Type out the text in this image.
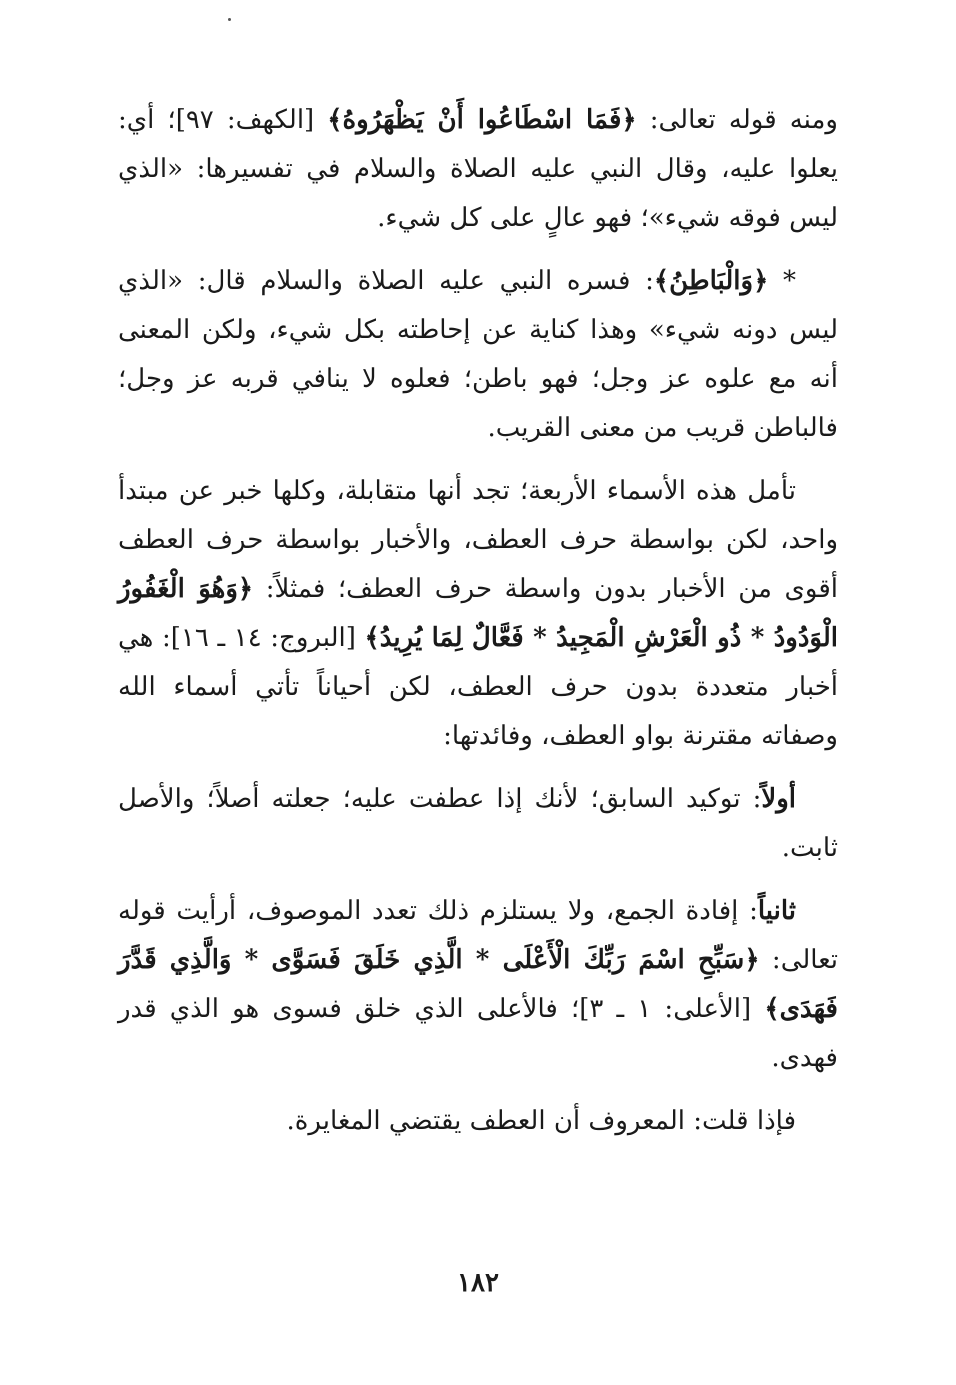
ومنه قوله تعالى: ﴿فَمَا اسْطَاعُوا أَنْ يَظْهَرُوهُ﴾ [الكهف: ٩٧]؛ أي: يعلوا عليه، وقال النبي عليه الصلاة والسلام في تفسيرها: «الذي ليس فوقه شيء»؛ فهو عالٍ على كل شيء.

* ﴿وَالْبَاطِنُ﴾: فسره النبي عليه الصلاة والسلام قال: «الذي ليس دونه شيء» وهذا كناية عن إحاطته بكل شيء، ولكن المعنى أنه مع علوه عز وجل؛ فهو باطن؛ فعلوه لا ينافي قربه عز وجل؛ فالباطن قريب من معنى القريب.

تأمل هذه الأسماء الأربعة؛ تجد أنها متقابلة، وكلها خبر عن مبتدأ واحد، لكن بواسطة حرف العطف، والأخبار بواسطة حرف العطف أقوى من الأخبار بدون واسطة حرف العطف؛ فمثلاً: ﴿وَهُوَ الْغَفُورُ الْوَدُودُ * ذُو الْعَرْشِ الْمَجِيدُ * فَعَّالٌ لِمَا يُرِيدُ﴾ [البروج: ١٤ ـ ١٦]: هي أخبار متعددة بدون حرف العطف، لكن أحياناً تأتي أسماء الله وصفاته مقترنة بواو العطف، وفائدتها:

أولاً: توكيد السابق؛ لأنك إذا عطفت عليه؛ جعلته أصلاً؛ والأصل ثابت.

ثانياً: إفادة الجمع، ولا يستلزم ذلك تعدد الموصوف، أرأيت قوله تعالى: ﴿سَبِّحِ اسْمَ رَبِّكَ الْأَعْلَى * الَّذِي خَلَقَ فَسَوَّى * وَالَّذِي قَدَّرَ فَهَدَى﴾ [الأعلى: ١ ـ ٣]؛ فالأعلى الذي خلق فسوى هو الذي قدر فهدى.

فإذا قلت: المعروف أن العطف يقتضي المغايرة.

١٨٢
